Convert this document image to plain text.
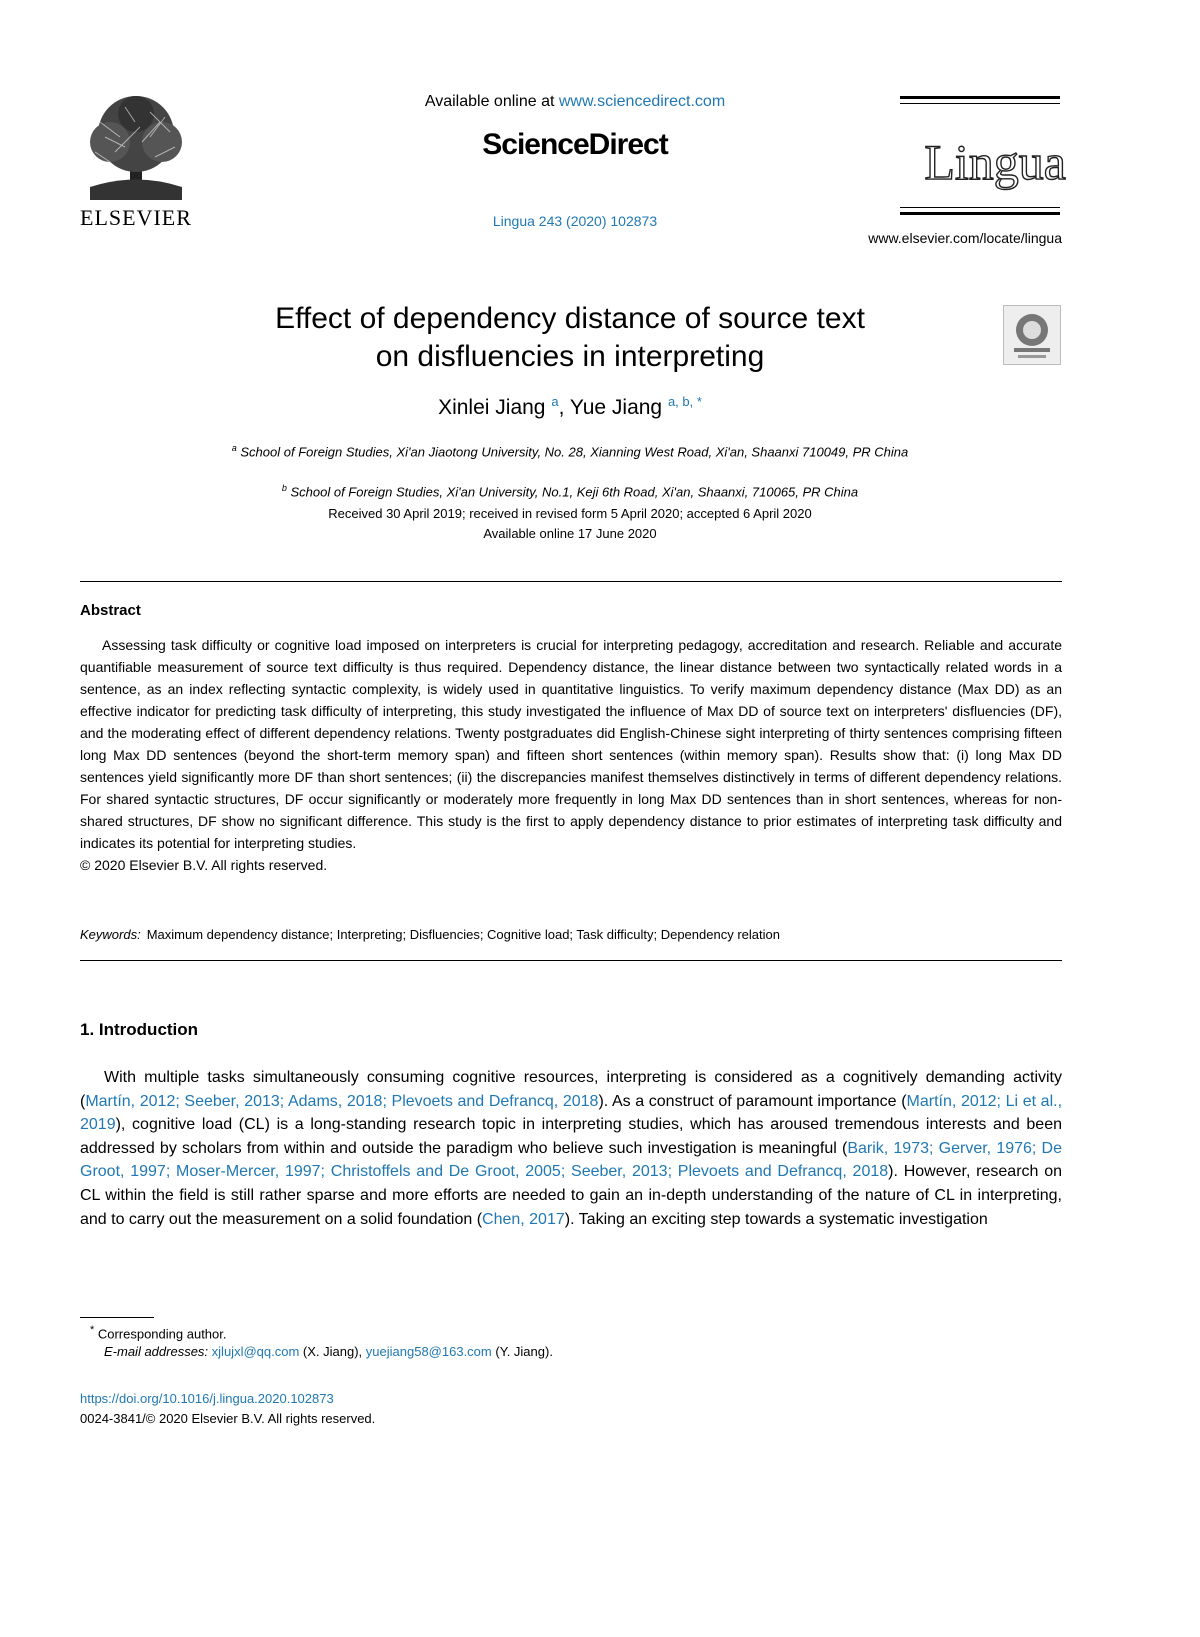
ELSEVIER
Available online at www.sciencedirect.com
ScienceDirect
Lingua 243 (2020) 102873
Lingua
www.elsevier.com/locate/lingua
Effect of dependency distance of source text
on disfluencies in interpreting
Xinlei Jiang $^a$, Yue Jiang $^{a, b, *}$
$^a$ School of Foreign Studies, Xi'an Jiaotong University, No. 28, Xianning West Road, Xi'an, Shaanxi 710049, PR China
$^b$ School of Foreign Studies, Xi'an University, No.1, Keji 6th Road, Xi'an, Shaanxi, 710065, PR China
Received 30 April 2019; received in revised form 5 April 2020; accepted 6 April 2020
Available online 17 June 2020
Abstract

Assessing task difficulty or cognitive load imposed on interpreters is crucial for interpreting pedagogy, accreditation and research. Reliable and accurate quantifiable measurement of source text difficulty is thus required. Dependency distance, the linear distance between two syntactically related words in a sentence, as an index reflecting syntactic complexity, is widely used in quantitative linguistics. To verify maximum dependency distance (Max DD) as an effective indicator for predicting task difficulty of interpreting, this study investigated the influence of Max DD of source text on interpreters' disfluencies (DF), and the moderating effect of different dependency relations. Twenty postgraduates did English-Chinese sight interpreting of thirty sentences comprising fifteen long Max DD sentences (beyond the short-term memory span) and fifteen short sentences (within memory span). Results show that: (i) long Max DD sentences yield significantly more DF than short sentences; (ii) the discrepancies manifest themselves distinctively in terms of different dependency relations. For shared syntactic structures, DF occur significantly or moderately more frequently in long Max DD sentences than in short sentences, whereas for non-shared structures, DF show no significant difference. This study is the first to apply dependency distance to prior estimates of interpreting task difficulty and indicates its potential for interpreting studies.

© 2020 Elsevier B.V. All rights reserved.

Keywords: Maximum dependency distance; Interpreting; Disfluencies; Cognitive load; Task difficulty; Dependency relation
1. Introduction

With multiple tasks simultaneously consuming cognitive resources, interpreting is considered as a cognitively demanding activity (Martín, 2012; Seeber, 2013; Adams, 2018; Plevoets and Defrancq, 2018). As a construct of paramount importance (Martín, 2012; Li et al., 2019), cognitive load (CL) is a long-standing research topic in interpreting studies, which has aroused tremendous interests and been addressed by scholars from within and outside the paradigm who believe such investigation is meaningful (Barik, 1973; Gerver, 1976; De Groot, 1997; Moser-Mercer, 1997; Christoffels and De Groot, 2005; Seeber, 2013; Plevoets and Defrancq, 2018). However, research on CL within the field is still rather sparse and more efforts are needed to gain an in-depth understanding of the nature of CL in interpreting, and to carry out the measurement on a solid foundation (Chen, 2017). Taking an exciting step towards a systematic investigation

* Corresponding author.
E-mail addresses: xjlujxl@qq.com (X. Jiang), yuejiang58@163.com (Y. Jiang).
https://doi.org/10.1016/j.lingua.2020.102873
0024-3841/© 2020 Elsevier B.V. All rights reserved.
